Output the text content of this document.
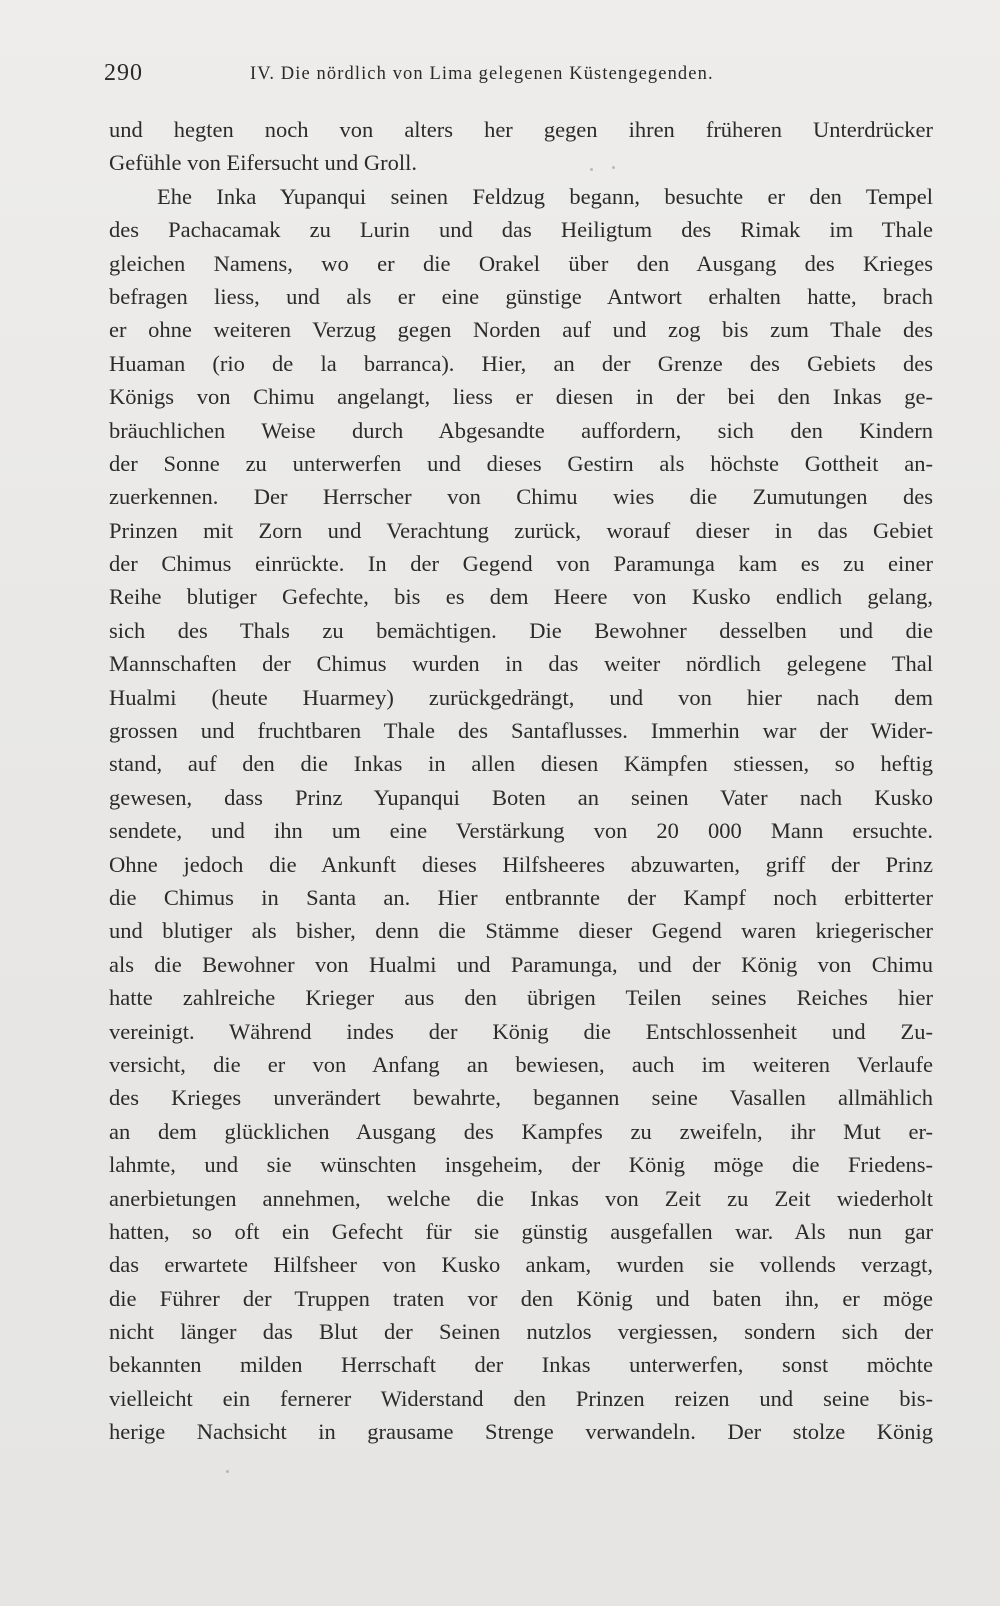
290	IV. Die nördlich von Lima gelegenen Küstengegenden.
und hegten noch von alters her gegen ihren früheren Unterdrücker
Gefühle von Eifersucht und Groll.
Ehe Inka Yupanqui seinen Feldzug begann, besuchte er den Tempel
des Pachacamak zu Lurin und das Heiligtum des Rimak im Thale
gleichen Namens, wo er die Orakel über den Ausgang des Krieges
befragen liess, und als er eine günstige Antwort erhalten hatte, brach
er ohne weiteren Verzug gegen Norden auf und zog bis zum Thale des
Huaman (rio de la barranca). Hier, an der Grenze des Gebiets des
Königs von Chimu angelangt, liess er diesen in der bei den Inkas ge-
bräuchlichen Weise durch Abgesandte auffordern, sich den Kindern
der Sonne zu unterwerfen und dieses Gestirn als höchste Gottheit an-
zuerkennen. Der Herrscher von Chimu wies die Zumutungen des
Prinzen mit Zorn und Verachtung zurück, worauf dieser in das Gebiet
der Chimus einrückte. In der Gegend von Paramunga kam es zu einer
Reihe blutiger Gefechte, bis es dem Heere von Kusko endlich gelang,
sich des Thals zu bemächtigen. Die Bewohner desselben und die
Mannschaften der Chimus wurden in das weiter nördlich gelegene Thal
Hualmi (heute Huarmey) zurückgedrängt, und von hier nach dem
grossen und fruchtbaren Thale des Santaflusses. Immerhin war der Wider-
stand, auf den die Inkas in allen diesen Kämpfen stiessen, so heftig
gewesen, dass Prinz Yupanqui Boten an seinen Vater nach Kusko
sendete, und ihn um eine Verstärkung von 20 000 Mann ersuchte.
Ohne jedoch die Ankunft dieses Hilfsheeres abzuwarten, griff der Prinz
die Chimus in Santa an. Hier entbrannte der Kampf noch erbitterter
und blutiger als bisher, denn die Stämme dieser Gegend waren kriegerischer
als die Bewohner von Hualmi und Paramunga, und der König von Chimu
hatte zahlreiche Krieger aus den übrigen Teilen seines Reiches hier
vereinigt. Während indes der König die Entschlossenheit und Zu-
versicht, die er von Anfang an bewiesen, auch im weiteren Verlaufe
des Krieges unverändert bewahrte, begannen seine Vasallen allmählich
an dem glücklichen Ausgang des Kampfes zu zweifeln, ihr Mut er-
lahmte, und sie wünschten insgeheim, der König möge die Friedens-
anerbietungen annehmen, welche die Inkas von Zeit zu Zeit wiederholt
hatten, so oft ein Gefecht für sie günstig ausgefallen war. Als nun gar
das erwartete Hilfsheer von Kusko ankam, wurden sie vollends verzagt,
die Führer der Truppen traten vor den König und baten ihn, er möge
nicht länger das Blut der Seinen nutzlos vergiessen, sondern sich der
bekannten milden Herrschaft der Inkas unterwerfen, sonst möchte
vielleicht ein fernerer Widerstand den Prinzen reizen und seine bis-
herige Nachsicht in grausame Strenge verwandeln. Der stolze König
